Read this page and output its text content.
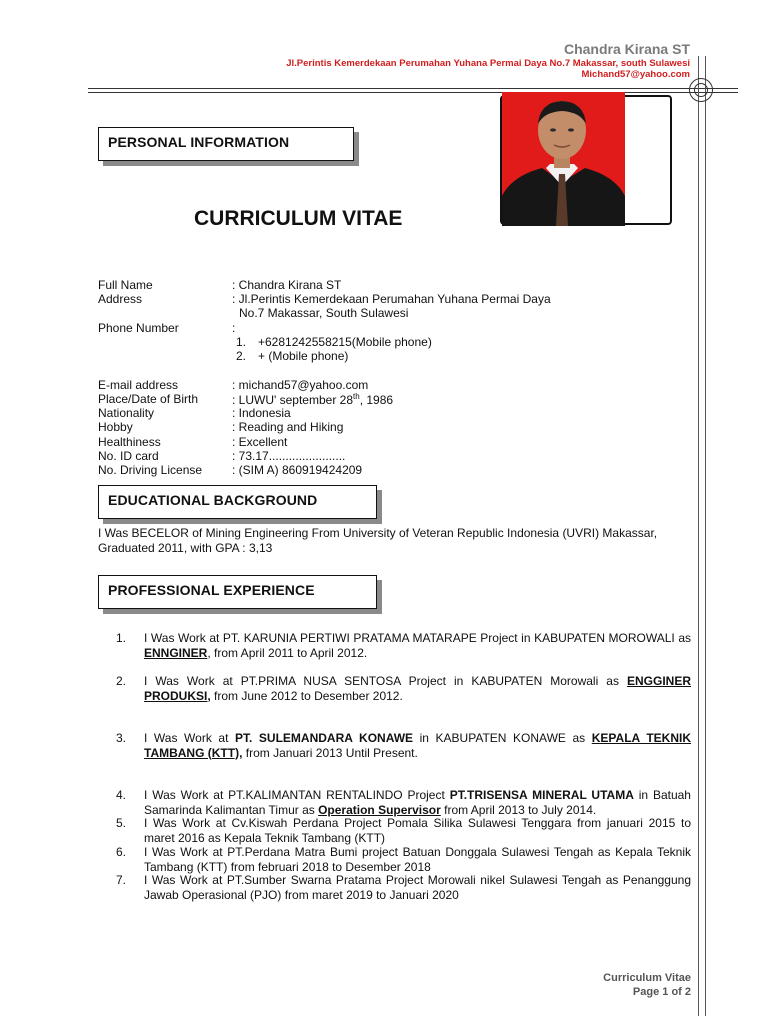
Chandra Kirana ST
Jl.Perintis Kemerdekaan Perumahan Yuhana Permai Daya No.7 Makassar, south Sulawesi
Michand57@yahoo.com
PERSONAL INFORMATION
CURRICULUM VITAE
Full Name	: Chandra Kirana ST
Address	: Jl.Perintis Kemerdekaan Perumahan Yuhana Permai Daya
No.7 Makassar, South Sulawesi
Phone Number	:
1. +6281242558215(Mobile phone)
2. + (Mobile phone)
E-mail address	: michand57@yahoo.com
Place/Date of Birth	: LUWU' september 28th, 1986
Nationality	: Indonesia
Hobby	: Reading and Hiking
Healthiness	: Excellent
No. ID card	: 73.17.......................
No. Driving License : (SIM A) 860919424209
EDUCATIONAL BACKGROUND
I Was BECELOR of Mining Engineering From University of Veteran Republic Indonesia (UVRI) Makassar,
Graduated 2011, with GPA : 3,13
PROFESSIONAL EXPERIENCE
1.	I Was Work at PT. KARUNIA PERTIWI PRATAMA MATARAPE Project in KABUPATEN MOROWALI as ENNGINER, from April 2011 to April 2012.
2.	I Was Work at PT.PRIMA NUSA SENTOSA Project in KABUPATEN Morowali as ENGGINER PRODUKSI, from June 2012 to Desember 2012.
3.	I Was Work at PT. SULEMANDARA KONAWE in KABUPATEN KONAWE as KEPALA TEKNIK TAMBANG (KTT), from Januari 2013 Until Present.
4.	I Was Work at PT.KALIMANTAN RENTALINDO Project PT.TRISENSA MINERAL UTAMA in Batuah Samarinda Kalimantan Timur as Operation Supervisor from April 2013 to July 2014.
5.	I Was Work at Cv.Kiswah Perdana Project Pomala Silika Sulawesi Tenggara from januari 2015 to maret 2016 as Kepala Teknik Tambang (KTT)
6.	I Was Work at PT.Perdana Matra Bumi project Batuan Donggala Sulawesi Tengah as Kepala Teknik Tambang (KTT) from februari 2018 to Desember 2018
7.	I Was Work at PT.Sumber Swarna Pratama Project Morowali nikel Sulawesi Tengah as Penanggung Jawab Operasional (PJO) from maret 2019 to Januari 2020
Curriculum Vitae
Page 1 of 2
